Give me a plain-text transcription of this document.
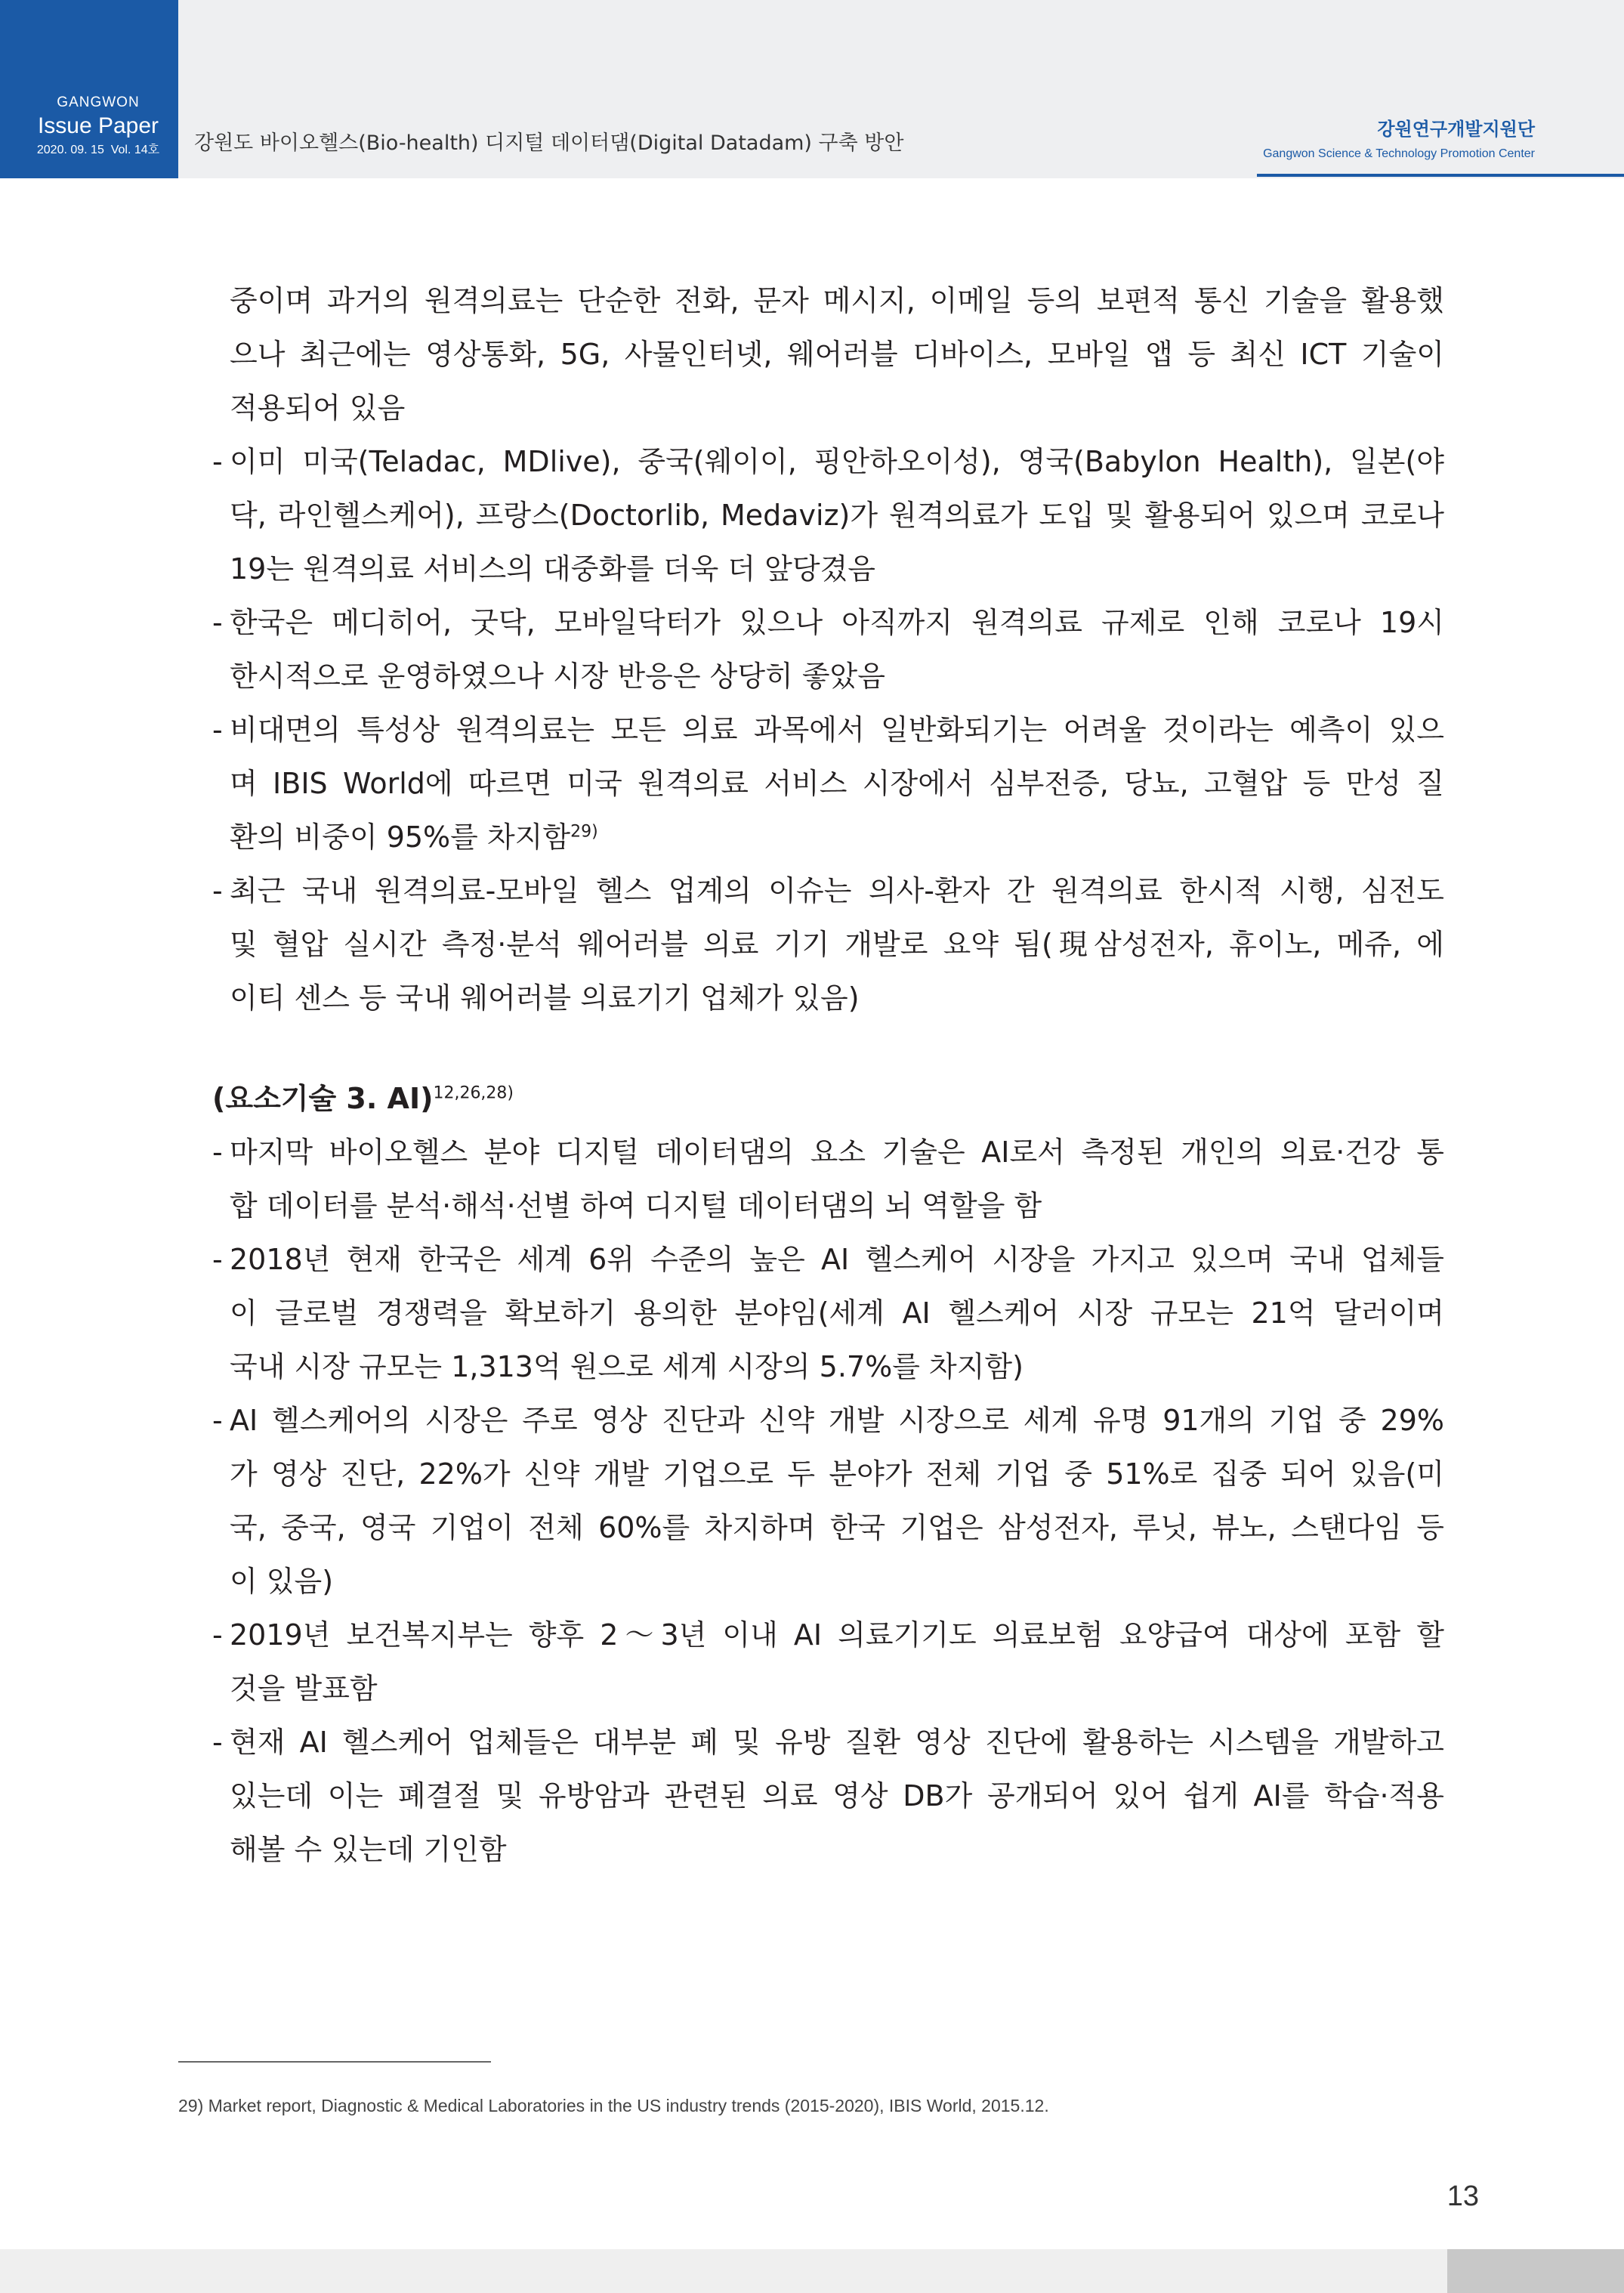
GANGWON
Issue Paper
2020. 09. 15  Vol. 14호	강원도 바이오헬스(Bio-health) 디지털 데이터댐(Digital Datadam) 구축 방안
강원연구개발지원단
Gangwon Science & Technology Promotion Center
중이며 과거의 원격의료는 단순한 전화, 문자 메시지, 이메일 등의 보편적 통신 기술을 활용했
으나 최근에는 영상통화, 5G, 사물인터넷, 웨어러블 디바이스, 모바일 앱 등 최신 ICT 기술이
적용되어 있음
- 이미 미국(Teladac, MDlive), 중국(웨이이, 핑안하오이성), 영국(Babylon Health), 일본(야
닥, 라인헬스케어), 프랑스(Doctorlib, Medaviz)가 원격의료가 도입 및 활용되어 있으며 코로나
19는 원격의료 서비스의 대중화를 더욱 더 앞당겼음
- 한국은 메디히어, 굿닥, 모바일닥터가 있으나 아직까지 원격의료 규제로 인해 코로나 19시
한시적으로 운영하였으나 시장 반응은 상당히 좋았음
- 비대면의 특성상 원격의료는 모든 의료 과목에서 일반화되기는 어려울 것이라는 예측이 있으
며 IBIS World에 따르면 미국 원격의료 서비스 시장에서 심부전증, 당뇨, 고혈압 등 만성 질
환의 비중이 95%를 차지함$^{29)}$
- 최근 국내 원격의료-모바일 헬스 업계의 이슈는 의사-환자 간 원격의료 한시적 시행, 심전도
및 혈압 실시간 측정·분석 웨어러블 의료 기기 개발로 요약 됨(現삼성전자, 휴이노, 메쥬, 에
이티 센스 등 국내 웨어러블 의료기기 업체가 있음)
(요소기술 3. AI)$^{12,26,28)}$
- 마지막 바이오헬스 분야 디지털 데이터댐의 요소 기술은 AI로서 측정된 개인의 의료·건강 통
합 데이터를 분석·해석·선별 하여 디지털 데이터댐의 뇌 역할을 함
- 2018년 현재 한국은 세계 6위 수준의 높은 AI 헬스케어 시장을 가지고 있으며 국내 업체들
이 글로벌 경쟁력을 확보하기 용의한 분야임(세계 AI 헬스케어 시장 규모는 21억 달러이며
국내 시장 규모는 1,313억 원으로 세계 시장의 5.7%를 차지함)
- AI 헬스케어의 시장은 주로 영상 진단과 신약 개발 시장으로 세계 유명 91개의 기업 중 29%
가 영상 진단, 22%가 신약 개발 기업으로 두 분야가 전체 기업 중 51%로 집중 되어 있음(미
국, 중국, 영국 기업이 전체 60%를 차지하며 한국 기업은 삼성전자, 루닛, 뷰노, 스탠다임 등
이 있음)
- 2019년 보건복지부는 향후 2～3년 이내 AI 의료기기도 의료보험 요양급여 대상에 포함 할
것을 발표함
- 현재 AI 헬스케어 업체들은 대부분 폐 및 유방 질환 영상 진단에 활용하는 시스템을 개발하고
있는데 이는 폐결절 및 유방암과 관련된 의료 영상 DB가 공개되어 있어 쉽게 AI를 학습·적용
해볼 수 있는데 기인함
29) Market report, Diagnostic & Medical Laboratories in the US industry trends (2015-2020), IBIS World, 2015.12.
13
